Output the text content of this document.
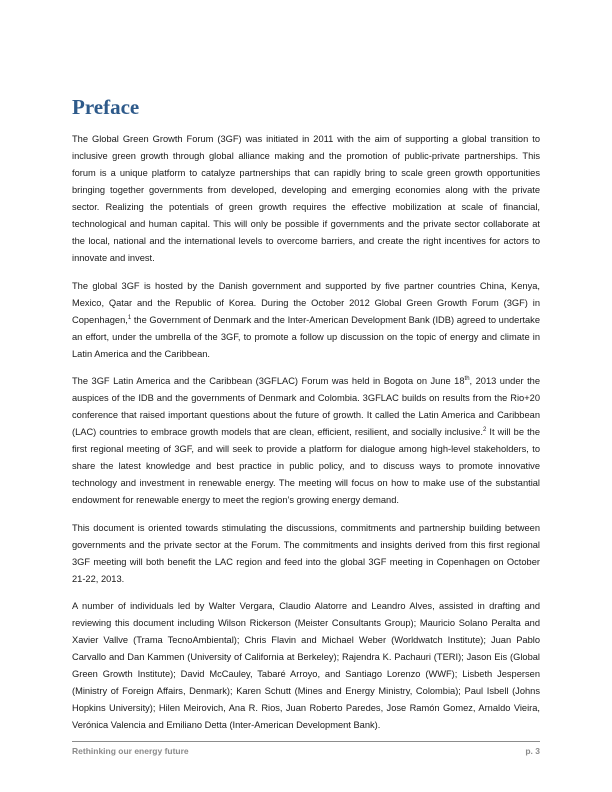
Preface

The Global Green Growth Forum (3GF) was initiated in 2011 with the aim of supporting a global transition to inclusive green growth through global alliance making and the promotion of public-private partnerships. This forum is a unique platform to catalyze partnerships that can rapidly bring to scale green growth opportunities bringing together governments from developed, developing and emerging economies along with the private sector. Realizing the potentials of green growth requires the effective mobilization at scale of financial, technological and human capital. This will only be possible if governments and the private sector collaborate at the local, national and the international levels to overcome barriers, and create the right incentives for actors to innovate and invest.

The global 3GF is hosted by the Danish government and supported by five partner countries China, Kenya, Mexico, Qatar and the Republic of Korea. During the October 2012 Global Green Growth Forum (3GF) in Copenhagen,$^1$ the Government of Denmark and the Inter-American Development Bank (IDB) agreed to undertake an effort, under the umbrella of the 3GF, to promote a follow up discussion on the topic of energy and climate in Latin America and the Caribbean.

The 3GF Latin America and the Caribbean (3GFLAC) Forum was held in Bogota on June 18th, 2013 under the auspices of the IDB and the governments of Denmark and Colombia. 3GFLAC builds on results from the Rio+20 conference that raised important questions about the future of growth. It called the Latin America and Caribbean (LAC) countries to embrace growth models that are clean, efficient, resilient, and socially inclusive.$^2$ It will be the first regional meeting of 3GF, and will seek to provide a platform for dialogue among high-level stakeholders, to share the latest knowledge and best practice in public policy, and to discuss ways to promote innovative technology and investment in renewable energy. The meeting will focus on how to make use of the substantial endowment for renewable energy to meet the region’s growing energy demand.

This document is oriented towards stimulating the discussions, commitments and partnership building between governments and the private sector at the Forum. The commitments and insights derived from this first regional 3GF meeting will both benefit the LAC region and feed into the global 3GF meeting in Copenhagen on October 21-22, 2013.

A number of individuals led by Walter Vergara, Claudio Alatorre and Leandro Alves, assisted in drafting and reviewing this document including Wilson Rickerson (Meister Consultants Group); Mauricio Solano Peralta and Xavier Vallve (Trama TecnoAmbiental); Chris Flavin and Michael Weber (Worldwatch Institute); Juan Pablo Carvallo and Dan Kammen (University of California at Berkeley); Rajendra K. Pachauri (TERI); Jason Eis (Global Green Growth Institute); David McCauley, Tabaré Arroyo, and Santiago Lorenzo (WWF); Lisbeth Jespersen (Ministry of Foreign Affairs, Denmark); Karen Schutt (Mines and Energy Ministry, Colombia); Paul Isbell (Johns Hopkins University); Hilen Meirovich, Ana R. Rios, Juan Roberto Paredes, Jose Ramón Gomez, Arnaldo Vieira, Verónica Valencia and Emiliano Detta (Inter-American Development Bank).

Rethinking our energy future	p. 3
